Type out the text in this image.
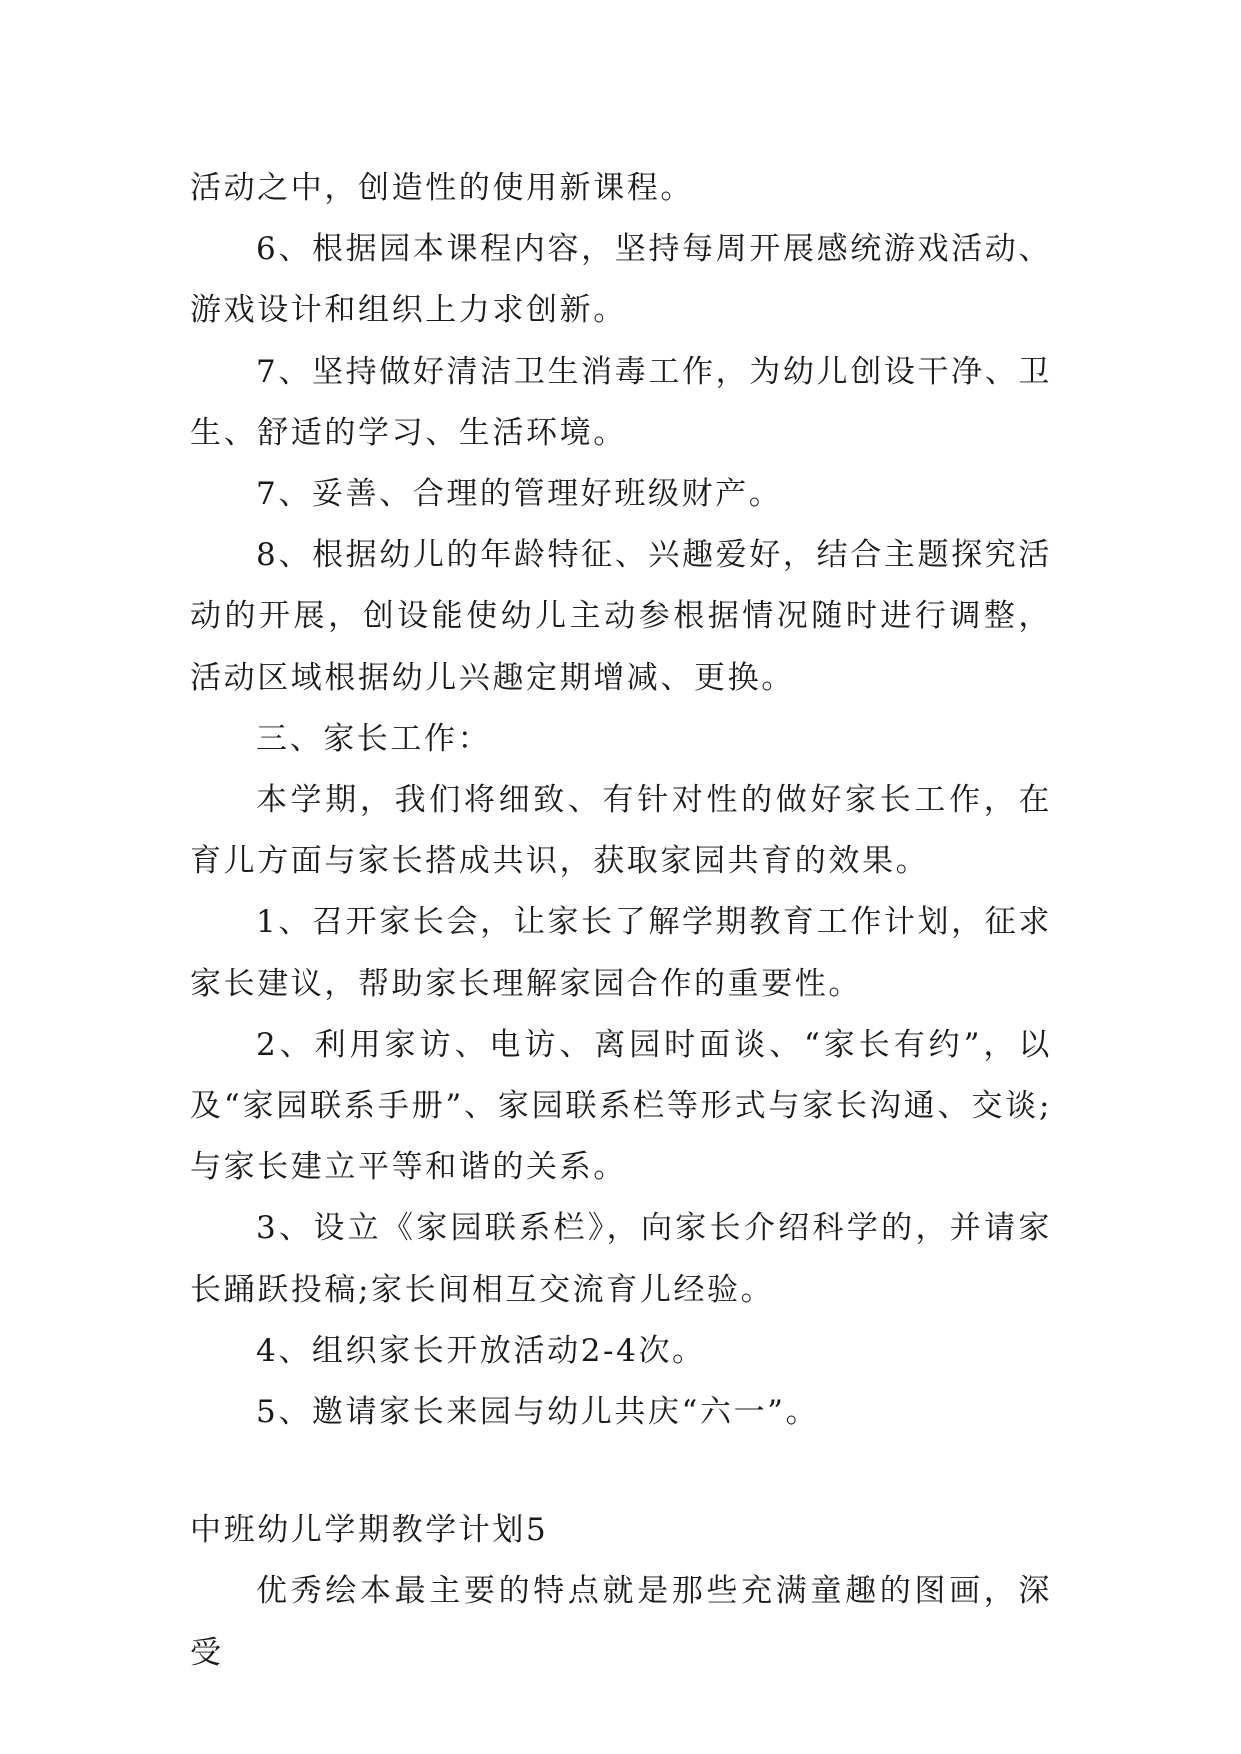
活动之中，创造性的使用新课程。

6、根据园本课程内容，坚持每周开展感统游戏活动、游戏设计和组织上力求创新。

7、坚持做好清洁卫生消毒工作，为幼儿创设干净、卫生、舒适的学习、生活环境。

7、妥善、合理的管理好班级财产。

8、根据幼儿的年龄特征、兴趣爱好，结合主题探究活动的开展，创设能使幼儿主动参根据情况随时进行调整，活动区域根据幼儿兴趣定期增减、更换。

三、家长工作：

本学期，我们将细致、有针对性的做好家长工作，在育儿方面与家长搭成共识，获取家园共育的效果。

1、召开家长会，让家长了解学期教育工作计划，征求家长建议，帮助家长理解家园合作的重要性。

2、利用家访、电访、离园时面谈、“家长有约”，以及“家园联系手册”、家园联系栏等形式与家长沟通、交谈;与家长建立平等和谐的关系。

3、设立《家园联系栏》，向家长介绍科学的，并请家长踊跃投稿;家长间相互交流育儿经验。

4、组织家长开放活动2-4次。

5、邀请家长来园与幼儿共庆“六一”。

中班幼儿学期教学计划5

优秀绘本最主要的特点就是那些充满童趣的图画，深受
